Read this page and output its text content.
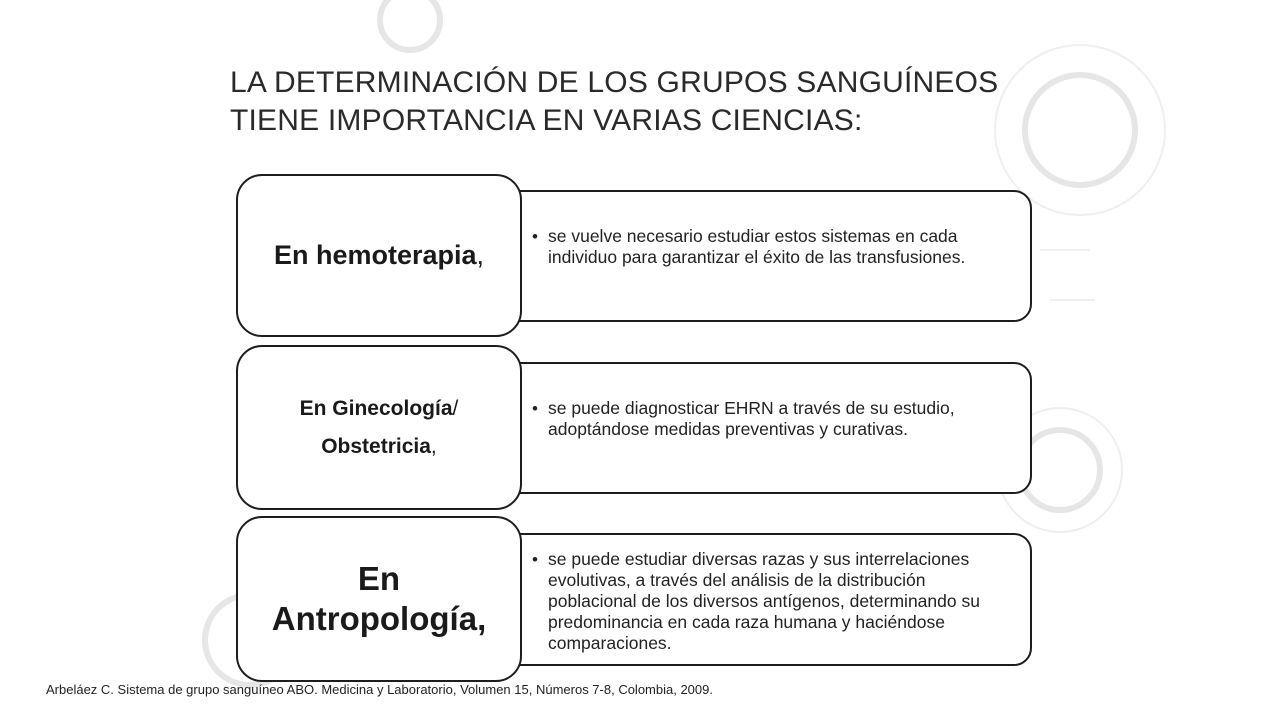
LA DETERMINACIÓN DE LOS GRUPOS SANGUÍNEOS
TIENE IMPORTANCIA EN VARIAS CIENCIAS:
• se vuelve necesario estudiar estos sistemas en cada individuo para garantizar el éxito de las transfusiones.
En hemoterapia,
• se puede diagnosticar EHRN a través de su estudio, adoptándose medidas preventivas y curativas.
En Ginecología/
Obstetricia,
• se puede estudiar diversas razas y sus interrelaciones evolutivas, a través del análisis de la distribución poblacional de los diversos antígenos, determinando su predominancia en cada raza humana y haciéndose comparaciones.
En
Antropología,
Arbeláez C. Sistema de grupo sanguíneo ABO. Medicina y Laboratorio, Volumen 15, Números 7-8, Colombia, 2009.
